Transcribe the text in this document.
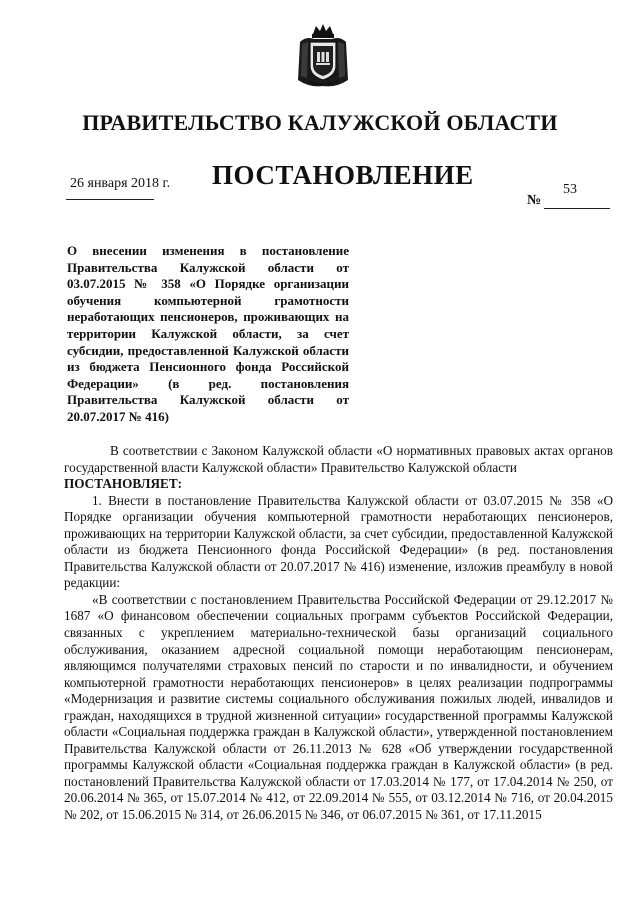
ПРАВИТЕЛЬСТВО КАЛУЖСКОЙ ОБЛАСТИ
26 января 2018 г. ПОСТАНОВЛЕНИЕ	53
№
О внесении изменения в постановление Правительства Калужской области от 03.07.2015 № 358 «О Порядке организации обучения компьютерной грамотности неработающих пенсионеров, проживающих на территории Калужской области, за счет субсидии, предоставленной Калужской области из бюджета Пенсионного фонда Российской Федерации» (в ред. постановления Правительства Калужской области от 20.07.2017 № 416)

В соответствии с Законом Калужской области «О нормативных правовых актах органов государственной власти Калужской области» Правительство Калужской области

ПОСТАНОВЛЯЕТ:

1. Внести в постановление Правительства Калужской области от 03.07.2015 № 358 «О Порядке организации обучения компьютерной грамотности неработающих пенсионеров, проживающих на территории Калужской области, за счет субсидии, предоставленной Калужской области из бюджета Пенсионного фонда Российской Федерации» (в ред. постановления Правительства Калужской области от 20.07.2017 № 416) изменение, изложив преамбулу в новой редакции:

«В соответствии с постановлением Правительства Российской Федерации от 29.12.2017 № 1687 «О финансовом обеспечении социальных программ субъектов Российской Федерации, связанных с укреплением материально-технической базы организаций социального обслуживания, оказанием адресной социальной помощи неработающим пенсионерам, являющимся получателями страховых пенсий по старости и по инвалидности, и обучением компьютерной грамотности неработающих пенсионеров» в целях реализации подпрограммы «Модернизация и развитие системы социального обслуживания пожилых людей, инвалидов и граждан, находящихся в трудной жизненной ситуации» государственной программы Калужской области «Социальная поддержка граждан в Калужской области», утвержденной постановлением Правительства Калужской области от 26.11.2013 № 628 «Об утверждении государственной программы Калужской области «Социальная поддержка граждан в Калужской области» (в ред. постановлений Правительства Калужской области от 17.03.2014 № 177, от 17.04.2014 № 250, от 20.06.2014 № 365, от 15.07.2014 № 412, от 22.09.2014 № 555, от 03.12.2014 № 716, от 20.04.2015 № 202, от 15.06.2015 № 314, от 26.06.2015 № 346, от 06.07.2015 № 361, от 17.11.2015
